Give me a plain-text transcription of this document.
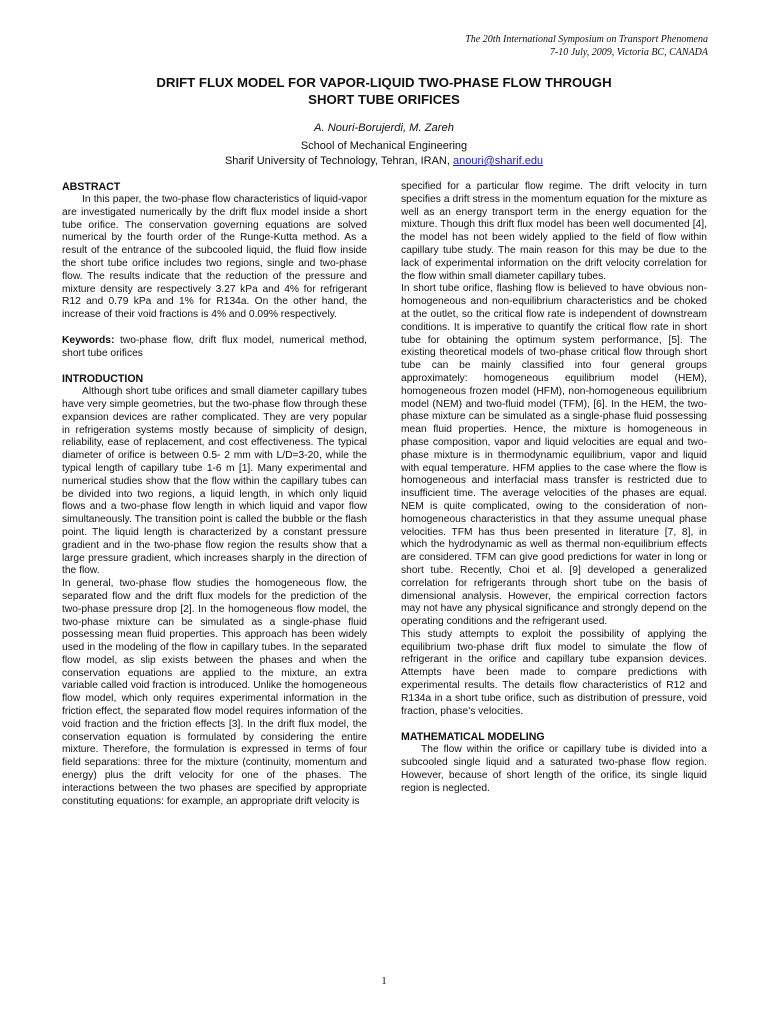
The 20th International Symposium on Transport Phenomena
7-10 July, 2009, Victoria BC, CANADA
DRIFT FLUX MODEL FOR VAPOR-LIQUID TWO-PHASE FLOW THROUGH
SHORT TUBE ORIFICES
A. Nouri-Borujerdi, M. Zareh
School of Mechanical Engineering
Sharif University of Technology, Tehran, IRAN, anouri@sharif.edu
ABSTRACT

In this paper, the two-phase flow characteristics of liquid-vapor are investigated numerically by the drift flux model inside a short tube orifice. The conservation governing equations are solved numerical by the fourth order of the Runge-Kutta method. As a result of the entrance of the subcooled liquid, the fluid flow inside the short tube orifice includes two regions, single and two-phase flow. The results indicate that the reduction of the pressure and mixture density are respectively 3.27 kPa and 4% for refrigerant R12 and 0.79 kPa and 1% for R134a. On the other hand, the increase of their void fractions is 4% and 0.09% respectively.

Keywords: two-phase flow, drift flux model, numerical method, short tube orifices

INTRODUCTION

Although short tube orifices and small diameter capillary tubes have very simple geometries, but the two-phase flow through these expansion devices are rather complicated. They are very popular in refrigeration systems mostly because of simplicity of design, reliability, ease of replacement, and cost effectiveness. The typical diameter of orifice is between 0.5- 2 mm with L/D=3-20, while the typical length of capillary tube 1-6 m [1]. Many experimental and numerical studies show that the flow within the capillary tubes can be divided into two regions, a liquid length, in which only liquid flows and a two-phase flow length in which liquid and vapor flow simultaneously. The transition point is called the bubble or the flash point. The liquid length is characterized by a constant pressure gradient and in the two-phase flow region the results show that a large pressure gradient, which increases sharply in the direction of the flow.

In general, two-phase flow studies the homogeneous flow, the separated flow and the drift flux models for the prediction of the two-phase pressure drop [2]. In the homogeneous flow model, the two-phase mixture can be simulated as a single-phase fluid possessing mean fluid properties. This approach has been widely used in the modeling of the flow in capillary tubes. In the separated flow model, as slip exists between the phases and when the conservation equations are applied to the mixture, an extra variable called void fraction is introduced. Unlike the homogeneous flow model, which only requires experimental information in the friction effect, the separated flow model requires information of the void fraction and the friction effects [3]. In the drift flux model, the conservation equation is formulated by considering the entire mixture. Therefore, the formulation is expressed in terms of four field separations: three for the mixture (continuity, momentum and energy) plus the drift velocity for one of the phases. The interactions between the two phases are specified by appropriate constituting equations: for example, an appropriate drift velocity is

specified for a particular flow regime. The drift velocity in turn specifies a drift stress in the momentum equation for the mixture as well as an energy transport term in the energy equation for the mixture. Though this drift flux model has been well documented [4], the model has not been widely applied to the field of flow within capillary tube study. The main reason for this may be due to the lack of experimental information on the drift velocity correlation for the flow within small diameter capillary tubes.

In short tube orifice, flashing flow is believed to have obvious non-homogeneous and non-equilibrium characteristics and be choked at the outlet, so the critical flow rate is independent of downstream conditions. It is imperative to quantify the critical flow rate in short tube for obtaining the optimum system performance, [5]. The existing theoretical models of two-phase critical flow through short tube can be mainly classified into four general groups approximately: homogeneous equilibrium model (HEM), homogeneous frozen model (HFM), non-homogeneous equilibrium model (NEM) and two-fluid model (TFM), [6]. In the HEM, the two-phase mixture can be simulated as a single-phase fluid possessing mean fluid properties. Hence, the mixture is homogeneous in phase composition, vapor and liquid velocities are equal and two-phase mixture is in thermodynamic equilibrium, vapor and liquid with equal temperature. HFM applies to the case where the flow is homogeneous and interfacial mass transfer is restricted due to insufficient time. The average velocities of the phases are equal. NEM is quite complicated, owing to the consideration of non-homogeneous characteristics in that they assume unequal phase velocities. TFM has thus been presented in literature [7, 8], in which the hydrodynamic as well as thermal non-equilibrium effects are considered. TFM can give good predictions for water in long or short tube. Recently, Choi et al. [9] developed a generalized correlation for refrigerants through short tube on the basis of dimensional analysis. However, the empirical correction factors may not have any physical significance and strongly depend on the operating conditions and the refrigerant used.

This study attempts to exploit the possibility of applying the equilibrium two-phase drift flux model to simulate the flow of refrigerant in the orifice and capillary tube expansion devices. Attempts have been made to compare predictions with experimental results. The details flow characteristics of R12 and R134a in a short tube orifice, such as distribution of pressure, void fraction, phase's velocities.

MATHEMATICAL MODELING

The flow within the orifice or capillary tube is divided into a subcooled single liquid and a saturated two-phase flow region. However, because of short length of the orifice, its single liquid region is neglected.

1
